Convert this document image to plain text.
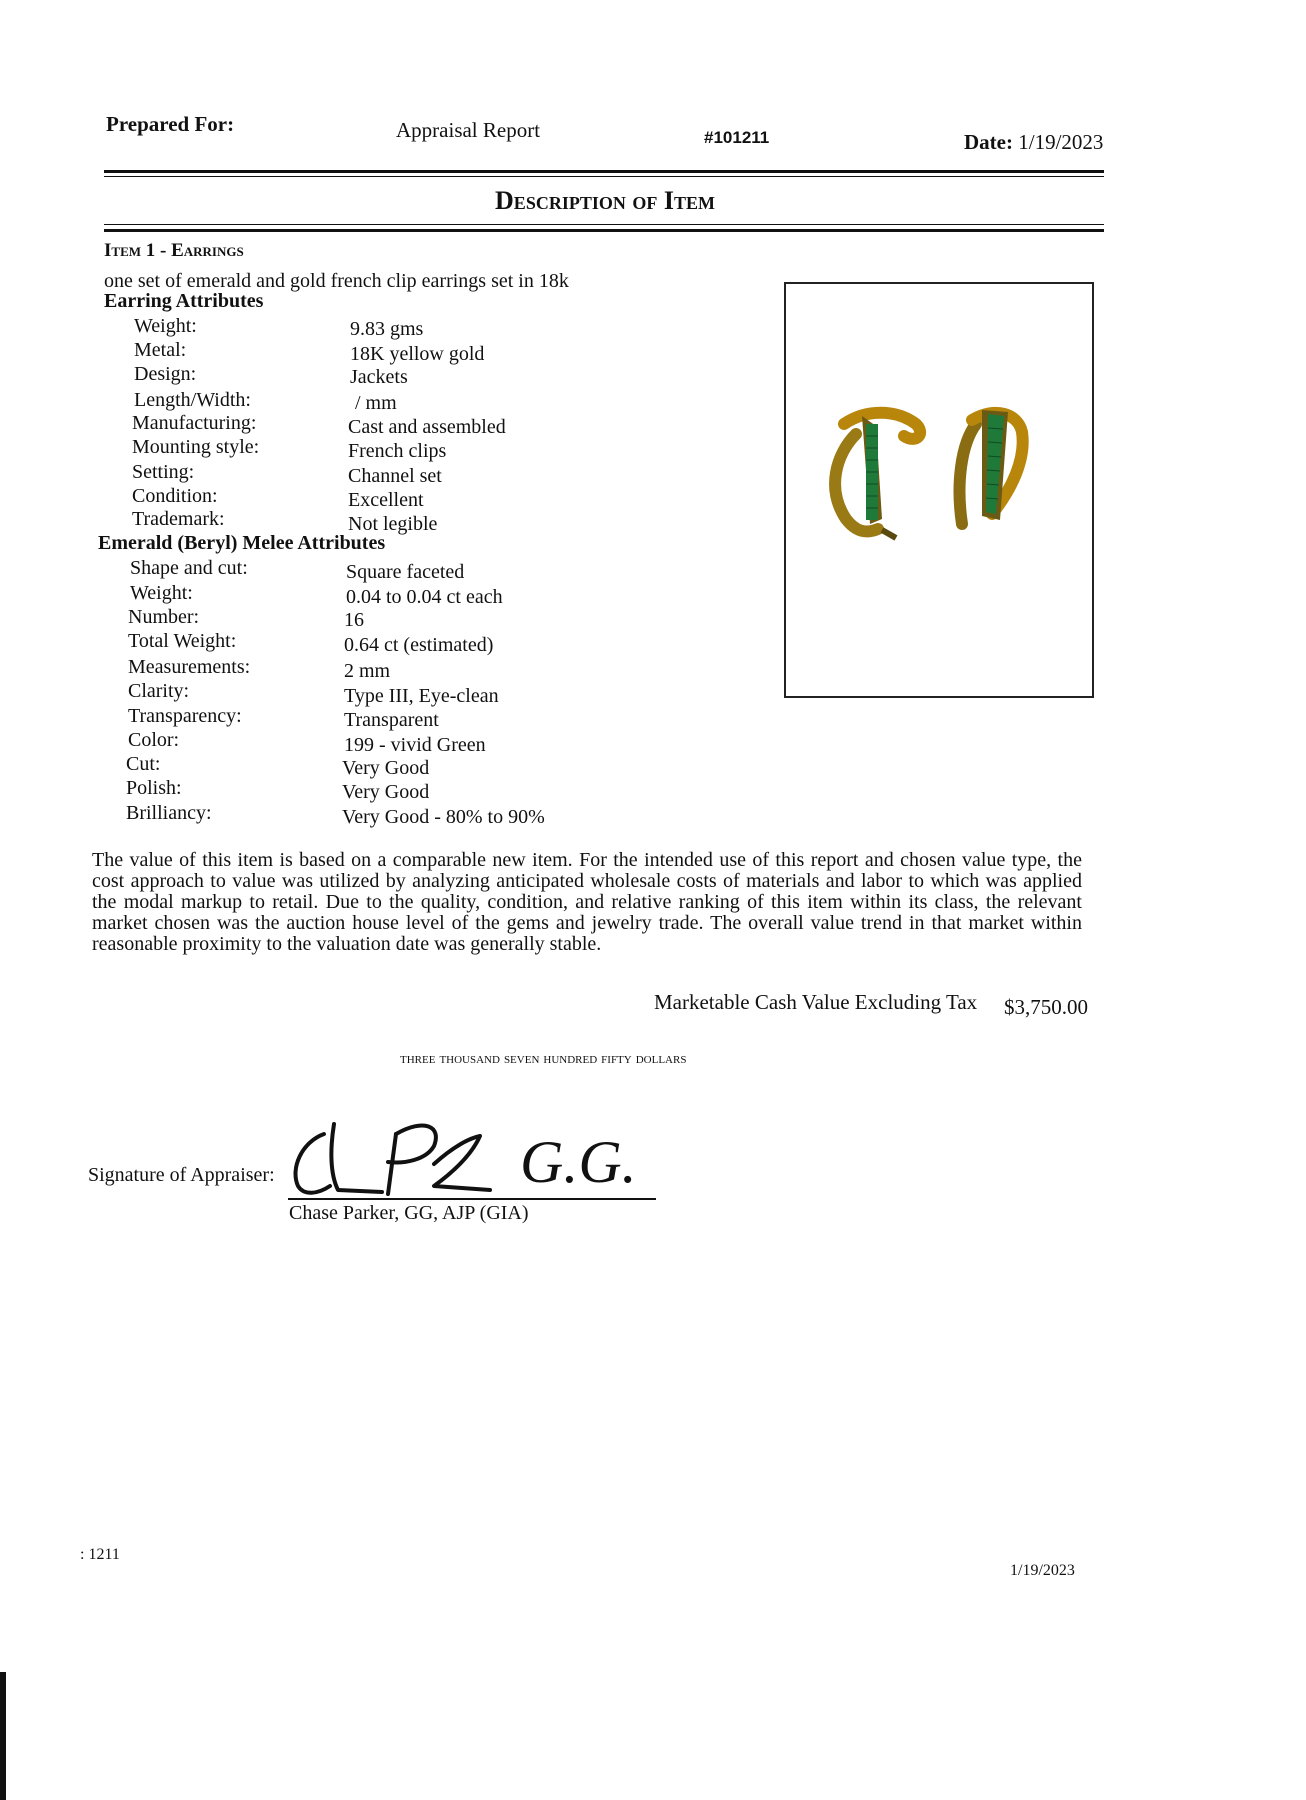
Prepared For:	Appraisal Report	#101211	Date: 1/19/2023
Description of Item
Item 1 - Earrings
one set of emerald and gold french clip earrings set in 18k
Earring Attributes
Weight:	9.83 gms
Metal:	18K yellow gold
Design:	Jackets
Length/Width:	/ mm
Manufacturing:	Cast and assembled
Mounting style:	French clips
Setting:	Channel set
Condition:	Excellent
Trademark:	Not legible
Emerald (Beryl) Melee Attributes
Shape and cut:	Square faceted
Weight:	0.04 to 0.04 ct each
Number:	16
Total Weight:	0.64 ct (estimated)
Measurements:	2 mm
Clarity:	Type III, Eye-clean
Transparency:	Transparent
Color:	199 - vivid Green
Cut:	Very Good
Polish:	Very Good
Brilliancy:	Very Good - 80% to 90%
The value of this item is based on a comparable new item. For the intended use of this report and chosen value type, the cost approach to value was utilized by analyzing anticipated wholesale costs of materials and labor to which was applied the modal markup to retail. Due to the quality, condition, and relative ranking of this item within its class, the relevant market chosen was the auction house level of the gems and jewelry trade. The overall value trend in that market within reasonable proximity to the valuation date was generally stable.
Marketable Cash Value Excluding Tax $3,750.00
three thousand seven hundred fifty dollars
Signature of Appraiser:	G.G.
Chase Parker, GG, AJP (GIA)
: 1211
1/19/2023
